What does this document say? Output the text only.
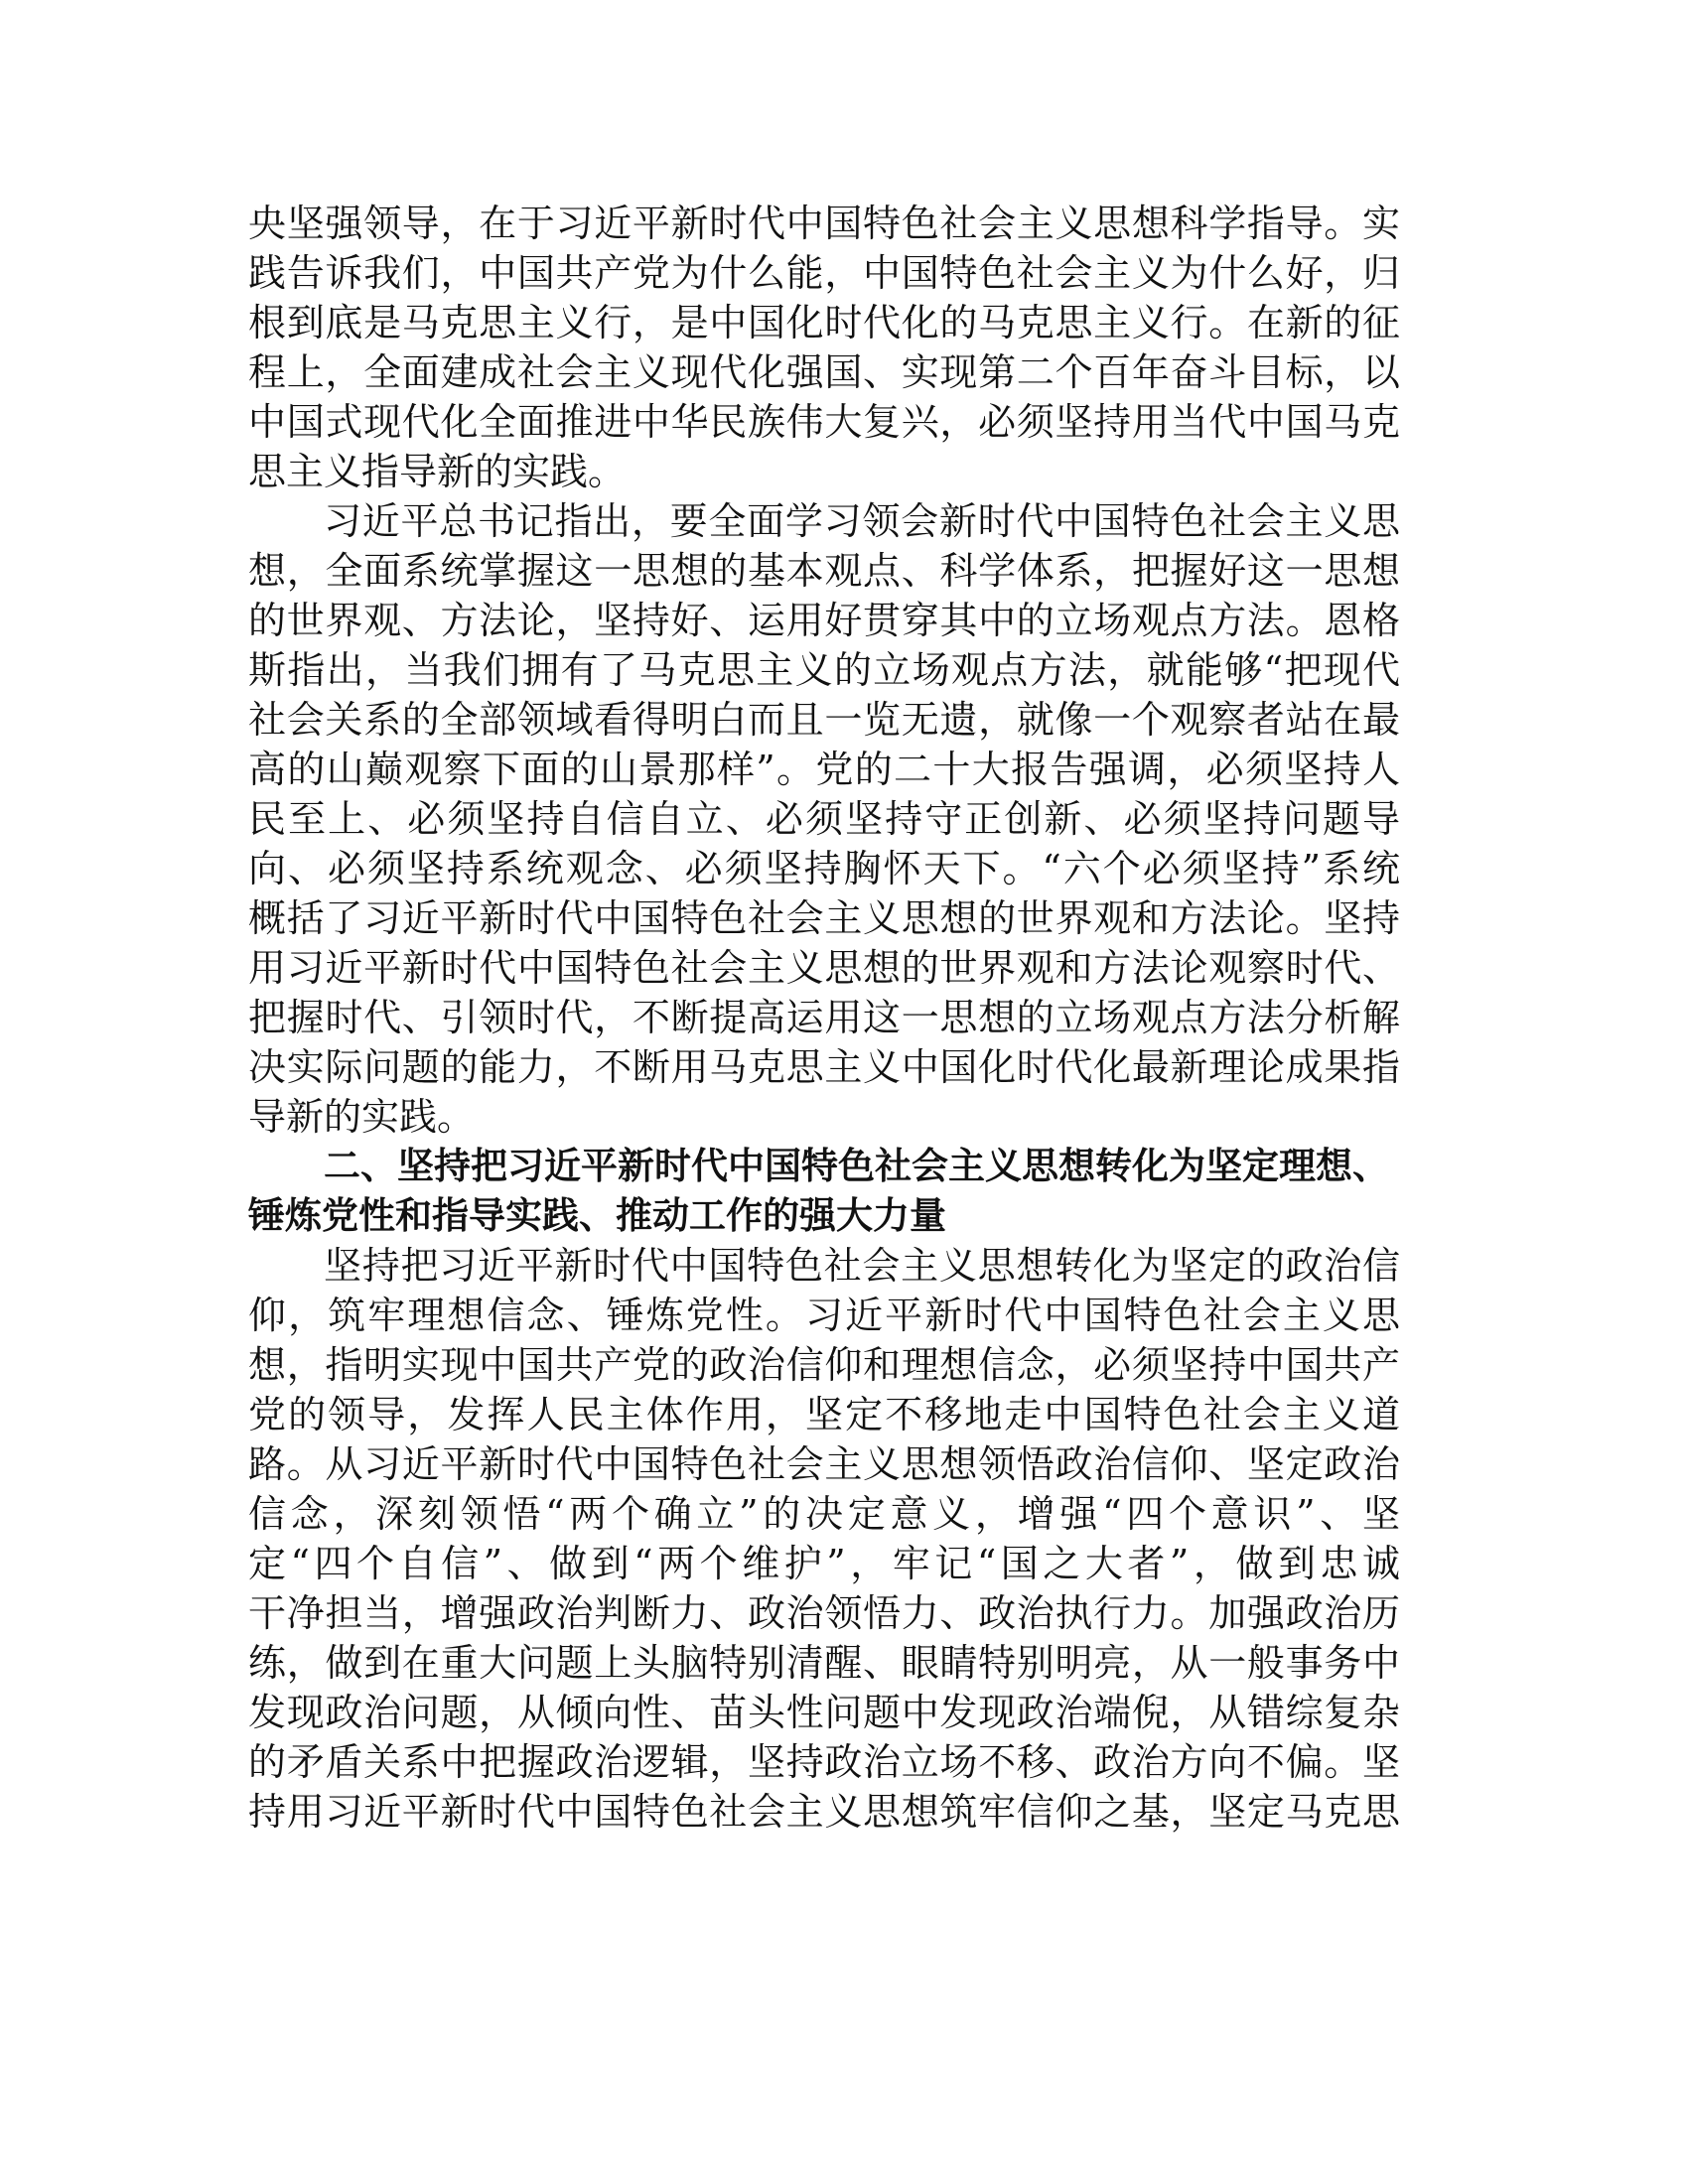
央坚强领导，在于习近平新时代中国特色社会主义思想科学指导。实
践告诉我们，中国共产党为什么能，中国特色社会主义为什么好，归
根到底是马克思主义行，是中国化时代化的马克思主义行。在新的征
程上，全面建成社会主义现代化强国、实现第二个百年奋斗目标，以
中国式现代化全面推进中华民族伟大复兴，必须坚持用当代中国马克
思主义指导新的实践。
习近平总书记指出，要全面学习领会新时代中国特色社会主义思
想，全面系统掌握这一思想的基本观点、科学体系，把握好这一思想
的世界观、方法论，坚持好、运用好贯穿其中的立场观点方法。恩格
斯指出，当我们拥有了马克思主义的立场观点方法，就能够“把现代
社会关系的全部领域看得明白而且一览无遗，就像一个观察者站在最
高的山巅观察下面的山景那样”。党的二十大报告强调，必须坚持人
民至上、必须坚持自信自立、必须坚持守正创新、必须坚持问题导
向、必须坚持系统观念、必须坚持胸怀天下。“六个必须坚持”系统
概括了习近平新时代中国特色社会主义思想的世界观和方法论。坚持
用习近平新时代中国特色社会主义思想的世界观和方法论观察时代、
把握时代、引领时代，不断提高运用这一思想的立场观点方法分析解
决实际问题的能力，不断用马克思主义中国化时代化最新理论成果指
导新的实践。
二、坚持把习近平新时代中国特色社会主义思想转化为坚定理想、
锤炼党性和指导实践、推动工作的强大力量
坚持把习近平新时代中国特色社会主义思想转化为坚定的政治信
仰，筑牢理想信念、锤炼党性。习近平新时代中国特色社会主义思
想，指明实现中国共产党的政治信仰和理想信念，必须坚持中国共产
党的领导，发挥人民主体作用，坚定不移地走中国特色社会主义道
路。从习近平新时代中国特色社会主义思想领悟政治信仰、坚定政治
信念，深刻领悟“两个确立”的决定意义，增强“四个意识”、坚
定“四个自信”、做到“两个维护”，牢记“国之大者”，做到忠诚
干净担当，增强政治判断力、政治领悟力、政治执行力。加强政治历
练，做到在重大问题上头脑特别清醒、眼睛特别明亮，从一般事务中
发现政治问题，从倾向性、苗头性问题中发现政治端倪，从错综复杂
的矛盾关系中把握政治逻辑，坚持政治立场不移、政治方向不偏。坚
持用习近平新时代中国特色社会主义思想筑牢信仰之基，坚定马克思
